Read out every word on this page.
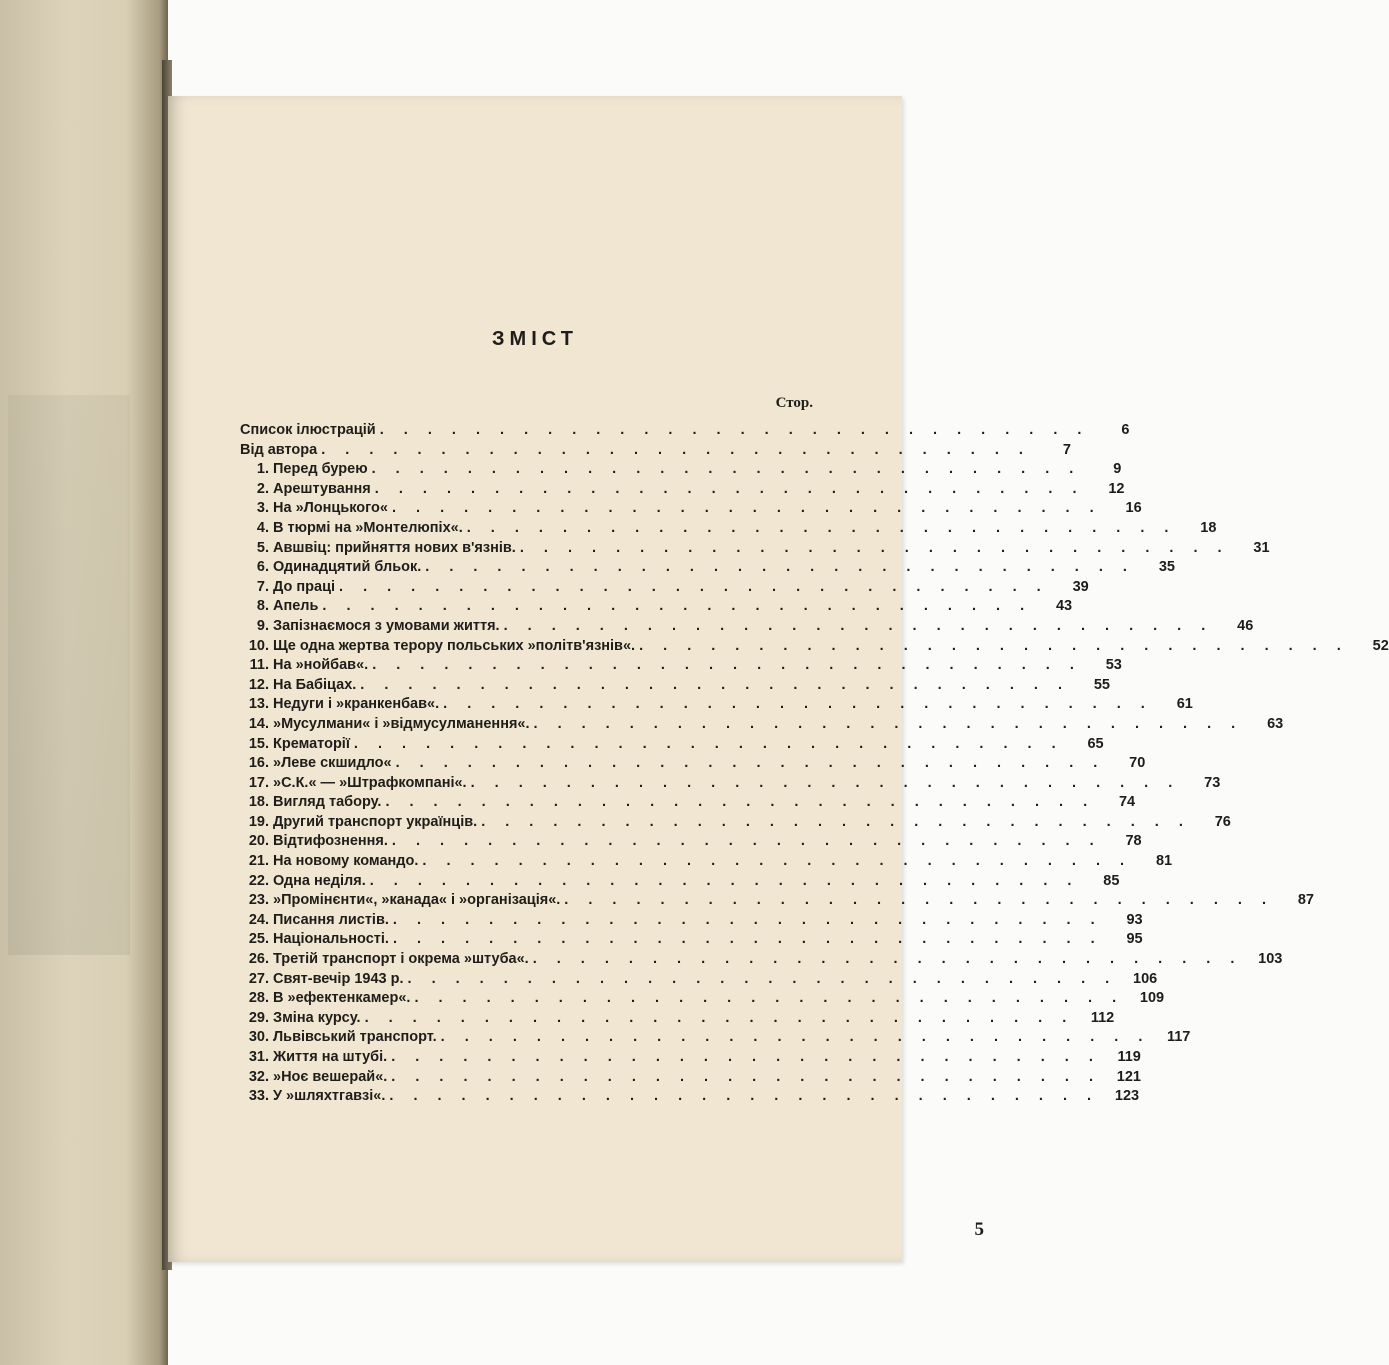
ЗМІСТ
5
Стор.
Список ілюстрацій . . . . . . . . . . . . . . . . . . . . . . . . . . . . . .	6
Від автора . . . . . . . . . . . . . . . . . . . . . . . . . . . . . .	7
1. Перед бурею . . . . . . . . . . . . . . . . . . . . . . . . . . . . . .	9
2. Арештування . . . . . . . . . . . . . . . . . . . . . . . . . . . . . .	12
3. На »Лонцького« . . . . . . . . . . . . . . . . . . . . . . . . . . . . . .	16
4. В тюрмі на »Монтелюпіх«. . . . . . . . . . . . . . . . . . . . . . . . . . . . . . .	18
5. Авшвіц: прийняття нових в'язнів. . . . . . . . . . . . . . . . . . . . . . . . . . . . . . .	31
6. Одинадцятий бльок. . . . . . . . . . . . . . . . . . . . . . . . . . . . . . .	35
7. До праці . . . . . . . . . . . . . . . . . . . . . . . . . . . . . .	39
8. Апель . . . . . . . . . . . . . . . . . . . . . . . . . . . . . .	43
9. Запізнаємося з умовами життя. . . . . . . . . . . . . . . . . . . . . . . . . . . . . . .	46
10. Ще одна жертва терору польських »політв'язнів«. . . . . . . . . . . . . . . . . . . . . . . . . . . . . . .	52
11. На »нойбав«. . . . . . . . . . . . . . . . . . . . . . . . . . . . . . .	53
12. На Бабіцах. . . . . . . . . . . . . . . . . . . . . . . . . . . . . . .	55
13. Недуги і »кранкенбав«. . . . . . . . . . . . . . . . . . . . . . . . . . . . . . .	61
14. »Мусулмани« і »відмусулманення«. . . . . . . . . . . . . . . . . . . . . . . . . . . . . . .	63
15. Крематорії . . . . . . . . . . . . . . . . . . . . . . . . . . . . . .	65
16. »Леве скшидло« . . . . . . . . . . . . . . . . . . . . . . . . . . . . . .	70
17. »С.К.« — »Штрафкомпані«. . . . . . . . . . . . . . . . . . . . . . . . . . . . . . .	73
18. Вигляд табору. . . . . . . . . . . . . . . . . . . . . . . . . . . . . . .	74
19. Другий транспорт українців. . . . . . . . . . . . . . . . . . . . . . . . . . . . . . .	76
20. Відтифознення. . . . . . . . . . . . . . . . . . . . . . . . . . . . . . .	78
21. На новому командо. . . . . . . . . . . . . . . . . . . . . . . . . . . . . . .	81
22. Одна неділя. . . . . . . . . . . . . . . . . . . . . . . . . . . . . . .	85
23. »Промінєнти«, »канада« і »організація«. . . . . . . . . . . . . . . . . . . . . . . . . . . . . . .	87
24. Писання листів. . . . . . . . . . . . . . . . . . . . . . . . . . . . . . .	93
25. Національності. . . . . . . . . . . . . . . . . . . . . . . . . . . . . . .	95
26. Третій транспорт і окрема »штуба«. . . . . . . . . . . . . . . . . . . . . . . . . . . . . . .	103
27. Свят-вечір 1943 р. . . . . . . . . . . . . . . . . . . . . . . . . . . . . . .	106
28. В »ефектенкамер«. . . . . . . . . . . . . . . . . . . . . . . . . . . . . . .	109
29. Зміна курсу. . . . . . . . . . . . . . . . . . . . . . . . . . . . . . .	112
30. Львівський транспорт. . . . . . . . . . . . . . . . . . . . . . . . . . . . . . .	117
31. Життя на штубі. . . . . . . . . . . . . . . . . . . . . . . . . . . . . . .	119
32. »Ноє вешерай«. . . . . . . . . . . . . . . . . . . . . . . . . . . . . . .	121
33. У »шляхтгавзі«. . . . . . . . . . . . . . . . . . . . . . . . . . . . . . .	123
